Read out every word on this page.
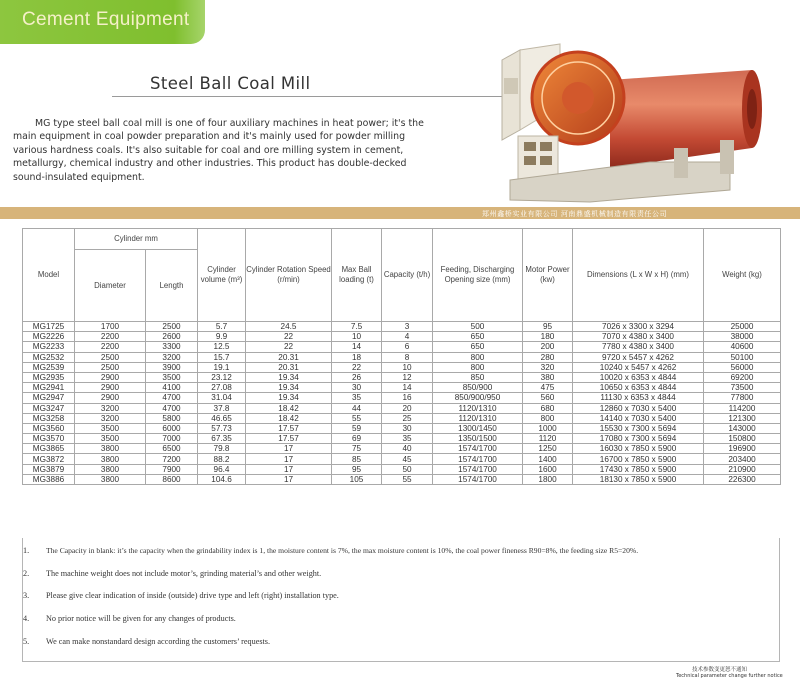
Cement Equipment
Steel Ball Coal Mill

MG type steel ball coal mill is one of four auxiliary machines in heat power; it's the main equipment in coal powder preparation and it's mainly used for powder milling various hardness coals. It's also suitable for coal and ore milling system in cement, metallurgy, chemical industry and other industries. This product has double-decked sound-insulated equipment.

郑州鑫桥实业有限公司 河南鼎盛机械制造有限责任公司
Model	Cylinder mm		Cylinder volume (m³)	Cylinder Rotation Speed (r/min)	Max Ball loading (t)	Capacity (t/h)	Feeding, Discharging Opening size (mm)	Motor Power (kw)	Dimensions (L x W x H) (mm)	Weight (kg)
	Diameter	Length								
MG1725	1700	2500	5.7	24.5	7.5	3	500	95	7026 x 3300 x 3294	25000
MG2226	2200	2600	9.9	22	10	4	650	180	7070 x 4380 x 3400	38000
MG2233	2200	3300	12.5	22	14	6	650	200	7780 x 4380 x 3400	40600
MG2532	2500	3200	15.7	20.31	18	8	800	280	9720 x 5457 x 4262	50100
MG2539	2500	3900	19.1	20.31	22	10	800	320	10240 x 5457 x 4262	56000
MG2935	2900	3500	23.12	19.34	26	12	850	380	10020 x 6353 x 4844	69200
MG2941	2900	4100	27.08	19.34	30	14	850/900	475	10650 x 6353 x 4844	73500
MG2947	2900	4700	31.04	19.34	35	16	850/900/950	560	11130 x 6353 x 4844	77800
MG3247	3200	4700	37.8	18.42	44	20	1120/1310	680	12860 x 7030 x 5400	114200
MG3258	3200	5800	46.65	18.42	55	25	1120/1310	800	14140 x 7030 x 5400	121300
MG3560	3500	6000	57.73	17.57	59	30	1300/1450	1000	15530 x 7300 x 5694	143000
MG3570	3500	7000	67.35	17.57	69	35	1350/1500	1120	17080 x 7300 x 5694	150800
MG3865	3800	6500	79.8	17	75	40	1574/1700	1250	16030 x 7850 x 5900	196900
MG3872	3800	7200	88.2	17	85	45	1574/1700	1400	16700 x 7850 x 5900	203400
MG3879	3800	7900	96.4	17	95	50	1574/1700	1600	17430 x 7850 x 5900	210900
MG3886	3800	8600	104.6	17	105	55	1574/1700	1800	18130 x 7850 x 5900	226300
1.	The Capacity in blank: it’s the capacity when the grindability index is 1, the moisture content is 7%, the max moisture content is 10%, the coal power fineness R90=8%, the feeding size R5=20%.
2.	The machine weight does not include motor’s, grinding material’s and other weight.
3.	Please give clear indication of inside (outside) drive type and left (right) installation type.
4.	No prior notice will be given for any changes of products.
5.	We can make nonstandard design according the customers’ requests.
技术参数变更恕不通知
Technical parameter change further notice
